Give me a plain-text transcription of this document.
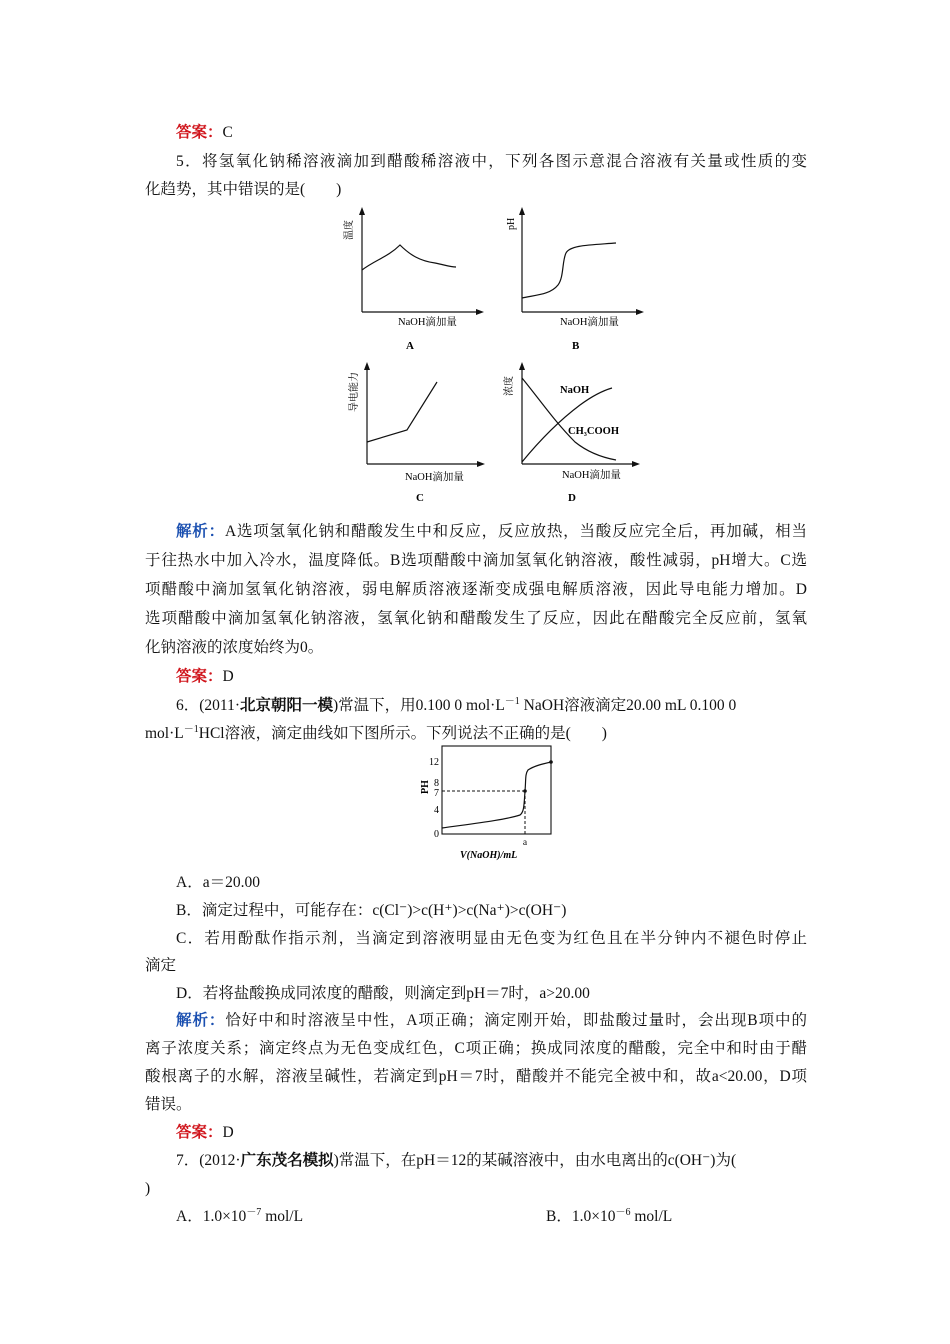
答案：C
5．将氢氧化钠稀溶液滴加到醋酸稀溶液中，下列各图示意混合溶液有关量或性质的变
化趋势，其中错误的是(　　)
温度
NaOH滴加量
A
pH
NaOH滴加量
B
导电能力
NaOH滴加量
C
浓度	NaOH
CH₃COOH
NaOH滴加量
D
解析：A选项氢氧化钠和醋酸发生中和反应，反应放热，当酸反应完全后，再加碱，相当
于往热水中加入冷水，温度降低。B选项醋酸中滴加氢氧化钠溶液，酸性减弱，pH增大。C选
项醋酸中滴加氢氧化钠溶液，弱电解质溶液逐渐变成强电解质溶液，因此导电能力增加。D
选项醋酸中滴加氢氧化钠溶液，氢氧化钠和醋酸发生了反应，因此在醋酸完全反应前，氢氧
化钠溶液的浓度始终为0。
答案：D
6．(2011·北京朝阳一模)常温下，用0.100 0 $mol\cdot L^{-1}$ NaOH溶液滴定20.00 mL 0.100 0
$mol\cdot L^{-1}HCl$溶液，滴定曲线如下图所示。下列说法不正确的是(　　)
PH
12
8
7
4
0
a
V(NaOH)/mL
A．a＝20.00
B．滴定过程中，可能存在：c(Cl⁻)>c(H⁺)>c(Na⁺)>c(OH⁻)
C．若用酚酞作指示剂，当滴定到溶液明显由无色变为红色且在半分钟内不褪色时停止
滴定
D．若将盐酸换成同浓度的醋酸，则滴定到pH＝7时，a>20.00
解析：恰好中和时溶液呈中性，A项正确；滴定刚开始，即盐酸过量时，会出现B项中的
离子浓度关系；滴定终点为无色变成红色，C项正确；换成同浓度的醋酸，完全中和时由于醋
酸根离子的水解，溶液呈碱性，若滴定到pH＝7时，醋酸并不能完全被中和，故a<20.00，D项
错误。
答案：D
7．(2012·广东茂名模拟)常温下，在pH＝12的某碱溶液中，由水电离出的c(OH⁻)为(
)
A．$1.0\times 10^{-7}$ mol/L	B．$1.0\times 10^{-6}$ mol/L
